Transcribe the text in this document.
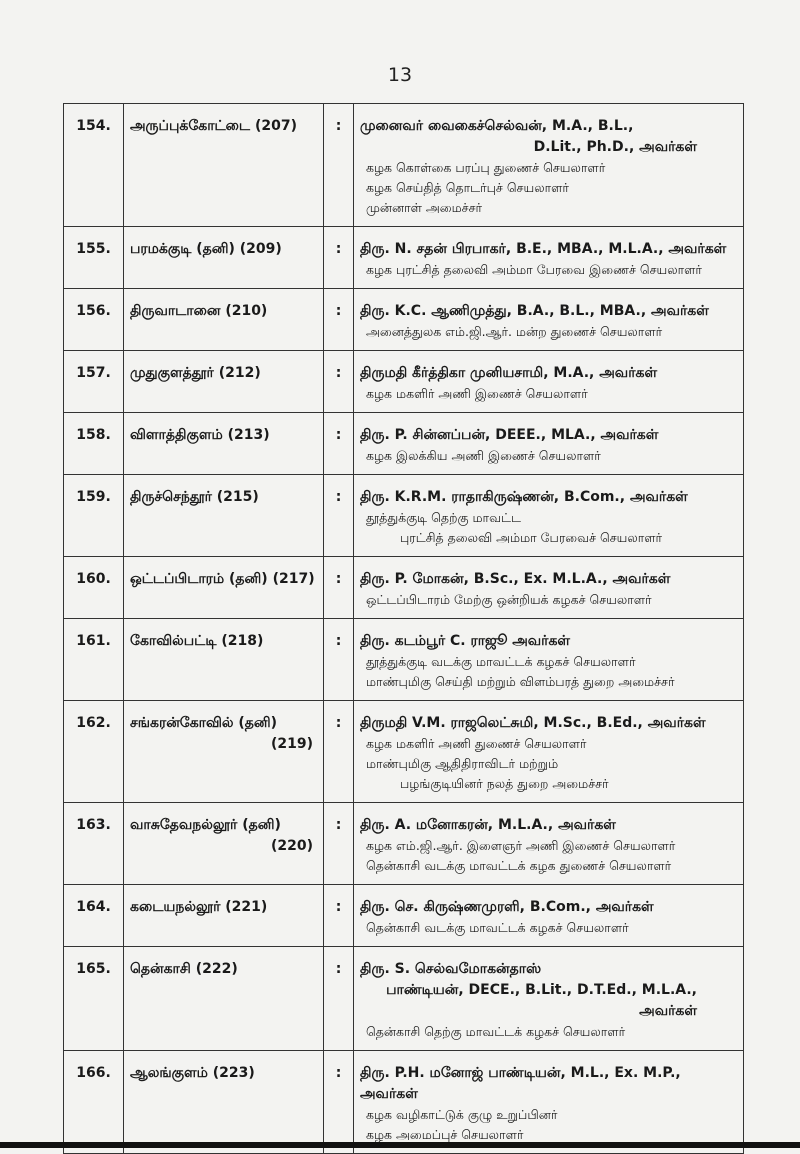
13
154.	அருப்புக்கோட்டை (207)	:	முனைவர் வைகைச்செல்வன், M.A., B.L.,
D.Lit., Ph.D., அவர்கள்
கழக கொள்கை பரப்பு துணைச் செயலாளர்
கழக செய்தித் தொடர்புச் செயலாளர்
முன்னாள் அமைச்சர்

155.	பரமக்குடி (தனி) (209)	:	திரு. N. சதன் பிரபாகர், B.E., MBA., M.L.A., அவர்கள்
கழக புரட்சித் தலைவி அம்மா பேரவை இணைச் செயலாளர்

156.	திருவாடானை (210)	:	திரு. K.C. ஆணிமுத்து, B.A., B.L., MBA., அவர்கள்
அனைத்துலக எம்.ஜி.ஆர். மன்ற துணைச் செயலாளர்

157.	முதுகுளத்தூர் (212)	:	திருமதி கீர்த்திகா முனியசாமி, M.A., அவர்கள்
கழக மகளிர் அணி இணைச் செயலாளர்

158.	விளாத்திகுளம் (213)	:	திரு. P. சின்னப்பன், DEEE., MLA., அவர்கள்
கழக இலக்கிய அணி இணைச் செயலாளர்

159.	திருச்செந்தூர் (215)	:	திரு. K.R.M. ராதாகிருஷ்ணன், B.Com., அவர்கள்
தூத்துக்குடி தெற்கு மாவட்ட
புரட்சித் தலைவி அம்மா பேரவைச் செயலாளர்

160.	ஒட்டப்பிடாரம் (தனி) (217)	:	திரு. P. மோகன், B.Sc., Ex. M.L.A., அவர்கள்
ஒட்டப்பிடாரம் மேற்கு ஒன்றியக் கழகச் செயலாளர்

161.	கோவில்பட்டி (218)	:	திரு. கடம்பூர் C. ராஜூ அவர்கள்
தூத்துக்குடி வடக்கு மாவட்டக் கழகச் செயலாளர்
மாண்புமிகு செய்தி மற்றும் விளம்பரத் துறை அமைச்சர்

162.	சங்கரன்கோவில் (தனி)
(219)	:	திருமதி V.M. ராஜலெட்சுமி, M.Sc., B.Ed., அவர்கள்
கழக மகளிர் அணி துணைச் செயலாளர்
மாண்புமிகு ஆதிதிராவிடர் மற்றும்
பழங்குடியினர் நலத் துறை அமைச்சர்

163.	வாசுதேவநல்லூர் (தனி)
(220)	:	திரு. A. மனோகரன், M.L.A., அவர்கள்
கழக எம்.ஜி.ஆர். இளைஞர் அணி இணைச் செயலாளர்
தென்காசி வடக்கு மாவட்டக் கழக துணைச் செயலாளர்

164.	கடையநல்லூர் (221)	:	திரு. செ. கிருஷ்ணமுரளி, B.Com., அவர்கள்
தென்காசி வடக்கு மாவட்டக் கழகச் செயலாளர்

165.	தென்காசி (222)	:	திரு. S. செல்வமோகன்தாஸ்
பாண்டியன், DECE., B.Lit., D.T.Ed., M.L.A., அவர்கள்
தென்காசி தெற்கு மாவட்டக் கழகச் செயலாளர்

166.	ஆலங்குளம் (223)	:	திரு. P.H. மனோஜ் பாண்டியன், M.L., Ex. M.P., அவர்கள்
கழக வழிகாட்டுக் குழு உறுப்பினர்
கழக அமைப்புச் செயலாளர்
